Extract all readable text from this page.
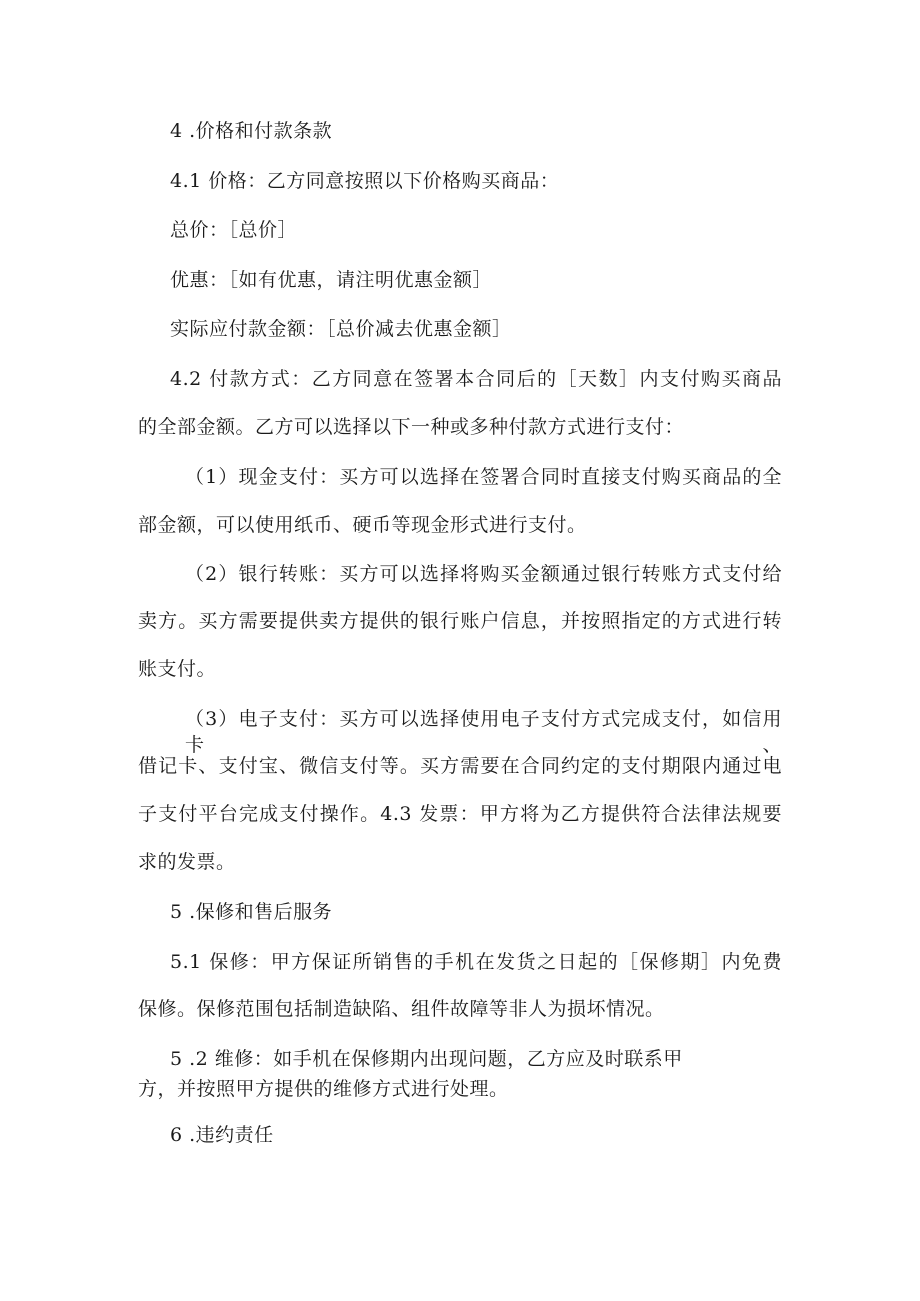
4 .价格和付款条款

4.1 价格：乙方同意按照以下价格购买商品：

总价：［总价］

优惠：［如有优惠，请注明优惠金额］

实际应付款金额：［总价减去优惠金额］

4.2 付款方式：乙方同意在签署本合同后的［天数］内支付购买商品

的全部金额。乙方可以选择以下一种或多种付款方式进行支付：

（1）现金支付：买方可以选择在签署合同时直接支付购买商品的全

部金额，可以使用纸币、硬币等现金形式进行支付。

（2）银行转账：买方可以选择将购买金额通过银行转账方式支付给

卖方。买方需要提供卖方提供的银行账户信息，并按照指定的方式进行转

账支付。

（3）电子支付：买方可以选择使用电子支付方式完成支付，如信用卡、

借记卡、支付宝、微信支付等。买方需要在合同约定的支付期限内通过电

子支付平台完成支付操作。4.3 发票：甲方将为乙方提供符合法律法规要

求的发票。

5 .保修和售后服务

5.1 保修：甲方保证所销售的手机在发货之日起的［保修期］内免费

保修。保修范围包括制造缺陷、组件故障等非人为损坏情况。

5 .2 维修：如手机在保修期内出现问题，乙方应及时联系甲

方，并按照甲方提供的维修方式进行处理。

6 .违约责任
